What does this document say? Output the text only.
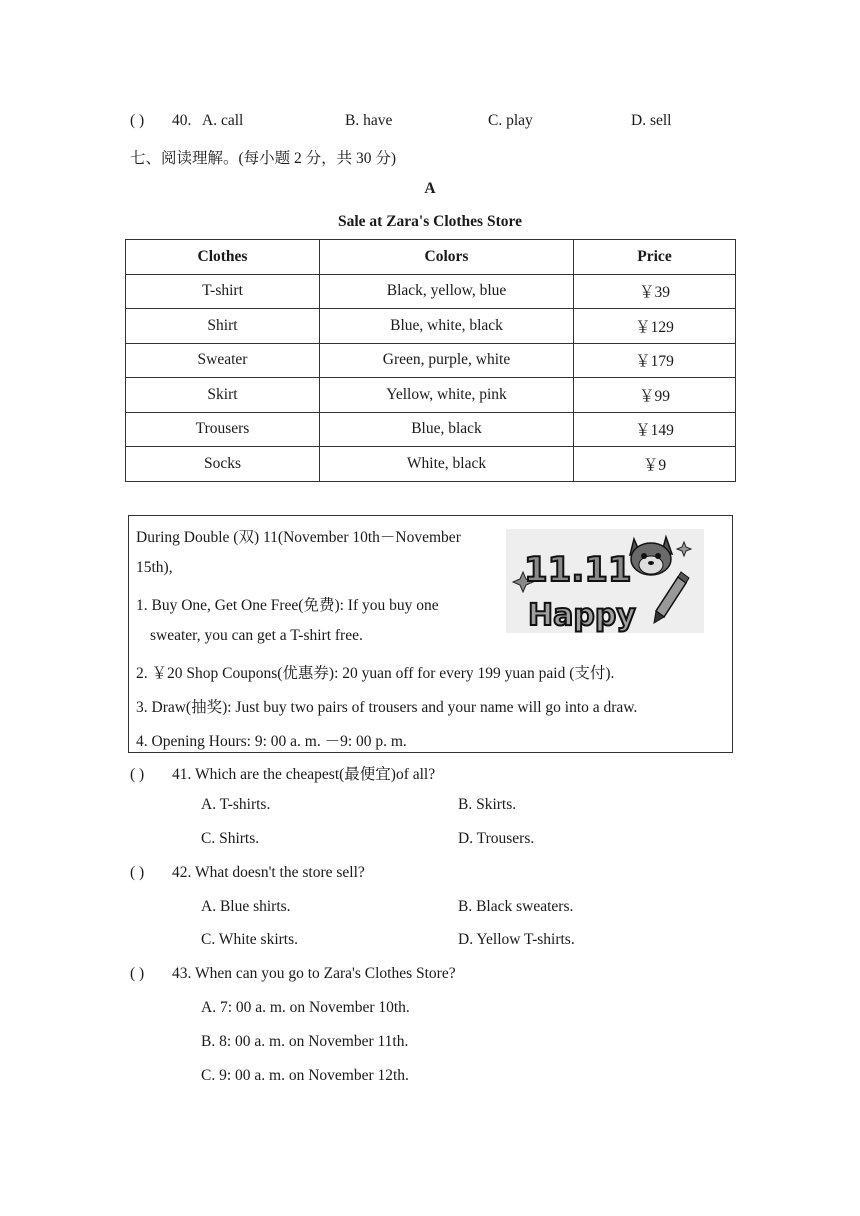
( ) 40. A. call	B. have	C. play	D. sell
七、阅读理解。(每小题 2 分，共 30 分)
A
Sale at Zara's Clothes Store
Clothes	Colors	Price
T-shirt	Black, yellow, blue	￥39
Shirt	Blue, white, black	￥129
Sweater	Green, purple, white	￥179
Skirt	Yellow, white, pink	￥99
Trousers	Blue, black	￥149
Socks	White, black	￥9
During Double (双) 11(November 10th－November
15th),
1. Buy One, Get One Free(免费): If you buy one
sweater, you can get a T-shirt free.
2. ￥20 Shop Coupons(优惠券): 20 yuan off for every 199 yuan paid (支付).
3. Draw(抽奖): Just buy two pairs of trousers and your name will go into a draw.
4. Opening Hours: 9: 00 a. m. －9: 00 p. m.
11.11
Happy
( ) 41. Which are the cheapest(最便宜)of all?
A. T-shirts.	B. Skirts.
C. Shirts.	D. Trousers.
( ) 42. What doesn't the store sell?
A. Blue shirts.	B. Black sweaters.
C. White skirts.	D. Yellow T-shirts.
( ) 43. When can you go to Zara's Clothes Store?
A. 7: 00 a. m. on November 10th.
B. 8: 00 a. m. on November 11th.
C. 9: 00 a. m. on November 12th.
